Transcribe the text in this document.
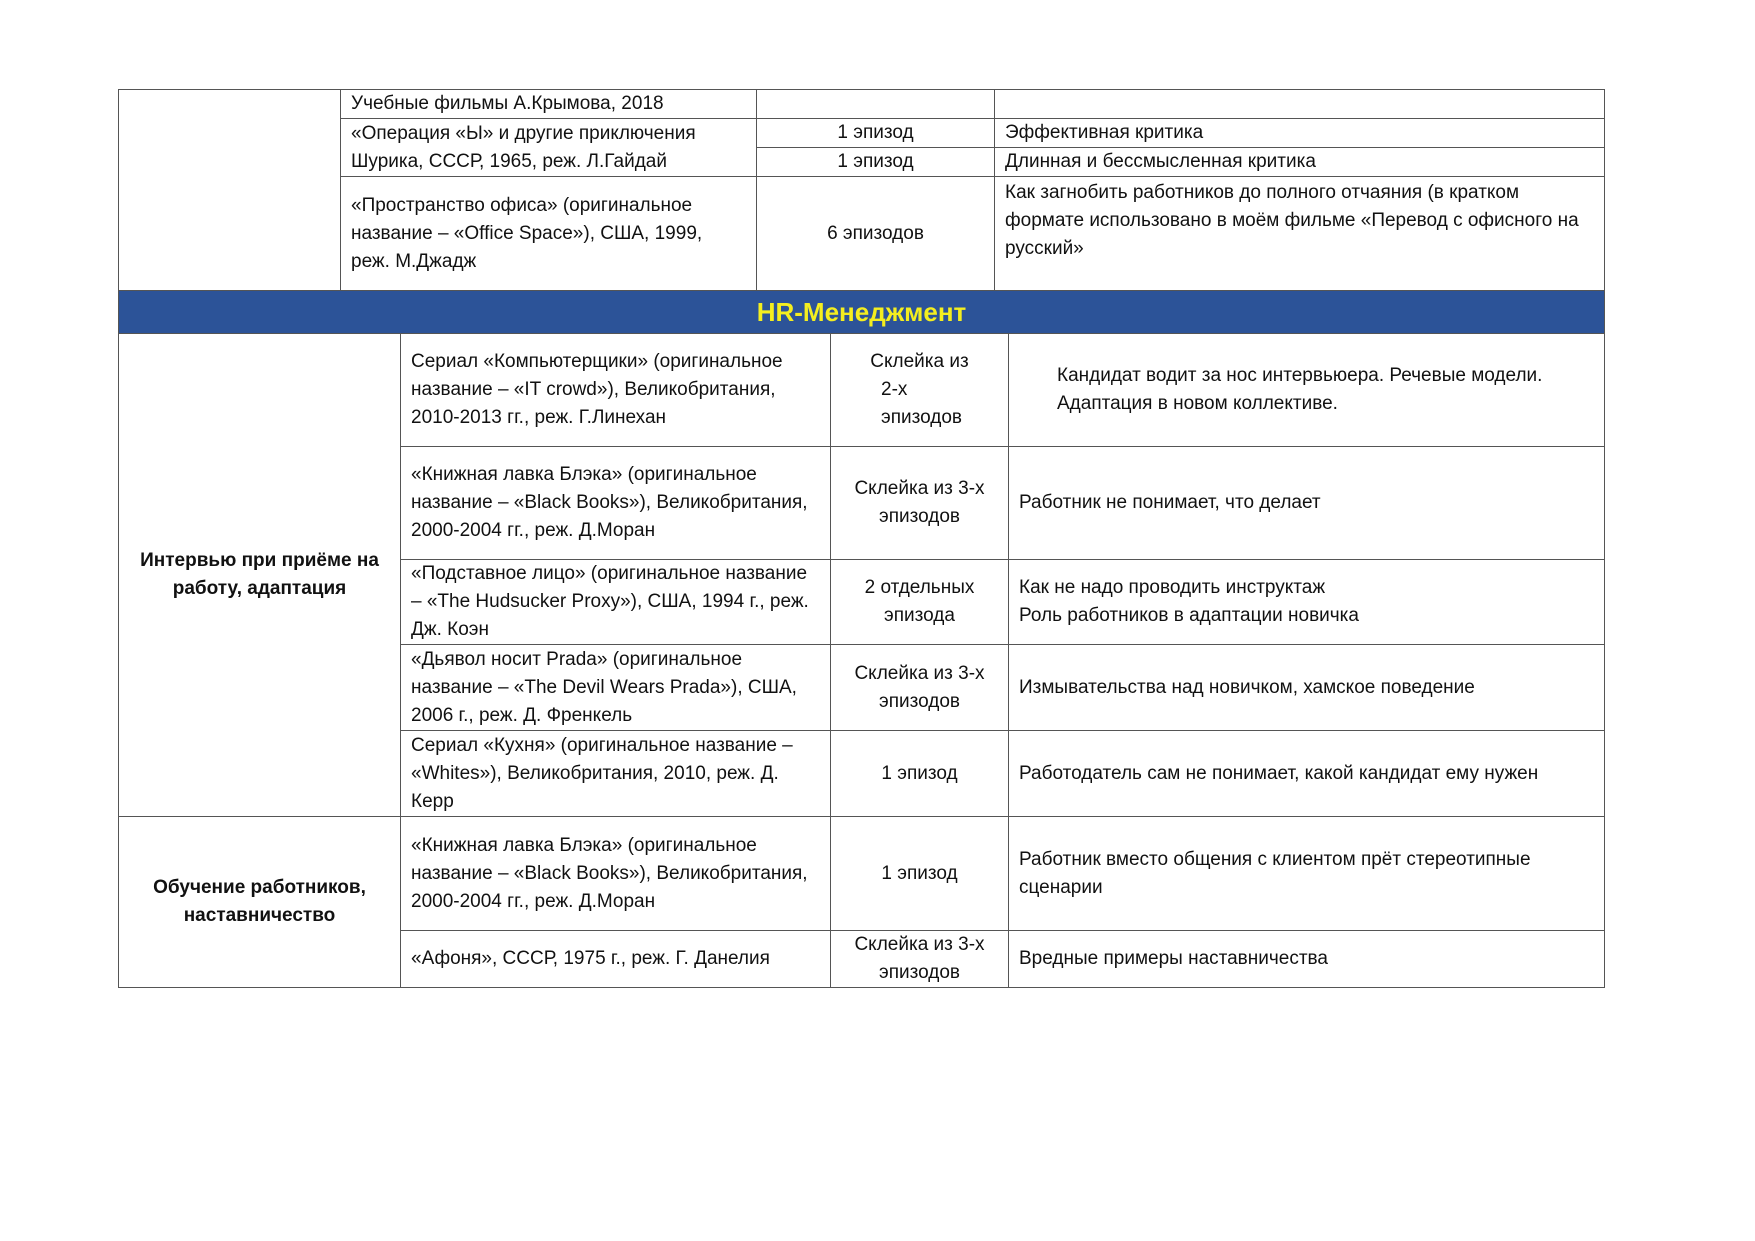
	Учебные фильмы А.Крымова, 2018		
	«Операция «Ы» и другие приключения Шурика, СССР, 1965, реж. Л.Гайдай	1 эпизод	Эффективная критика
		1 эпизод	Длинная и бессмысленная критика
	«Пространство офиса» (оригинальное название – «Office Space»), США, 1999, реж. М.Джадж	6 эпизодов	Как загнобить работников до полного отчаяния (в кратком формате использовано в моём фильме «Перевод с офисного на русский»

HR-Менеджмент			
Интервью при приёме на работу, адаптация	Сериал «Компьютерщики» (оригинальное название – «IT crowd»), Великобритания, 2010-2013 гг., реж. Г.Линехан	Склейка из
2-х
эпизодов	Кандидат водит за нос интервьюера. Речевые модели.
Адаптация в новом коллективе.

	«Книжная лавка Блэка» (оригинальное название – «Black Books»), Великобритания, 2000-2004 гг., реж. Д.Моран	Склейка из 3-х
эпизодов	Работник не понимает, что делает

	«Подставное лицо» (оригинальное название – «The Hudsucker Proxy»), США, 1994 г., реж. Дж. Коэн	2 отдельных
эпизода	Как не надо проводить инструктаж
Роль работников в адаптации новичка

	«Дьявол носит Prada» (оригинальное название – «The Devil Wears Prada»), США, 2006 г., реж. Д. Френкель	Склейка из 3-х
эпизодов	Измывательства над новичком, хамское поведение

	Сериал «Кухня» (оригинальное название – «Whites»), Великобритания, 2010, реж. Д. Керр	1 эпизод	Работодатель сам не понимает, какой кандидат ему нужен

Обучение работников, наставничество	«Книжная лавка Блэка» (оригинальное название – «Black Books»), Великобритания, 2000-2004 гг., реж. Д.Моран	1 эпизод	Работник вместо общения с клиентом прёт стереотипные сценарии

	«Афоня», СССР, 1975 г., реж. Г. Данелия	Склейка из 3-х
эпизодов	Вредные примеры наставничества
